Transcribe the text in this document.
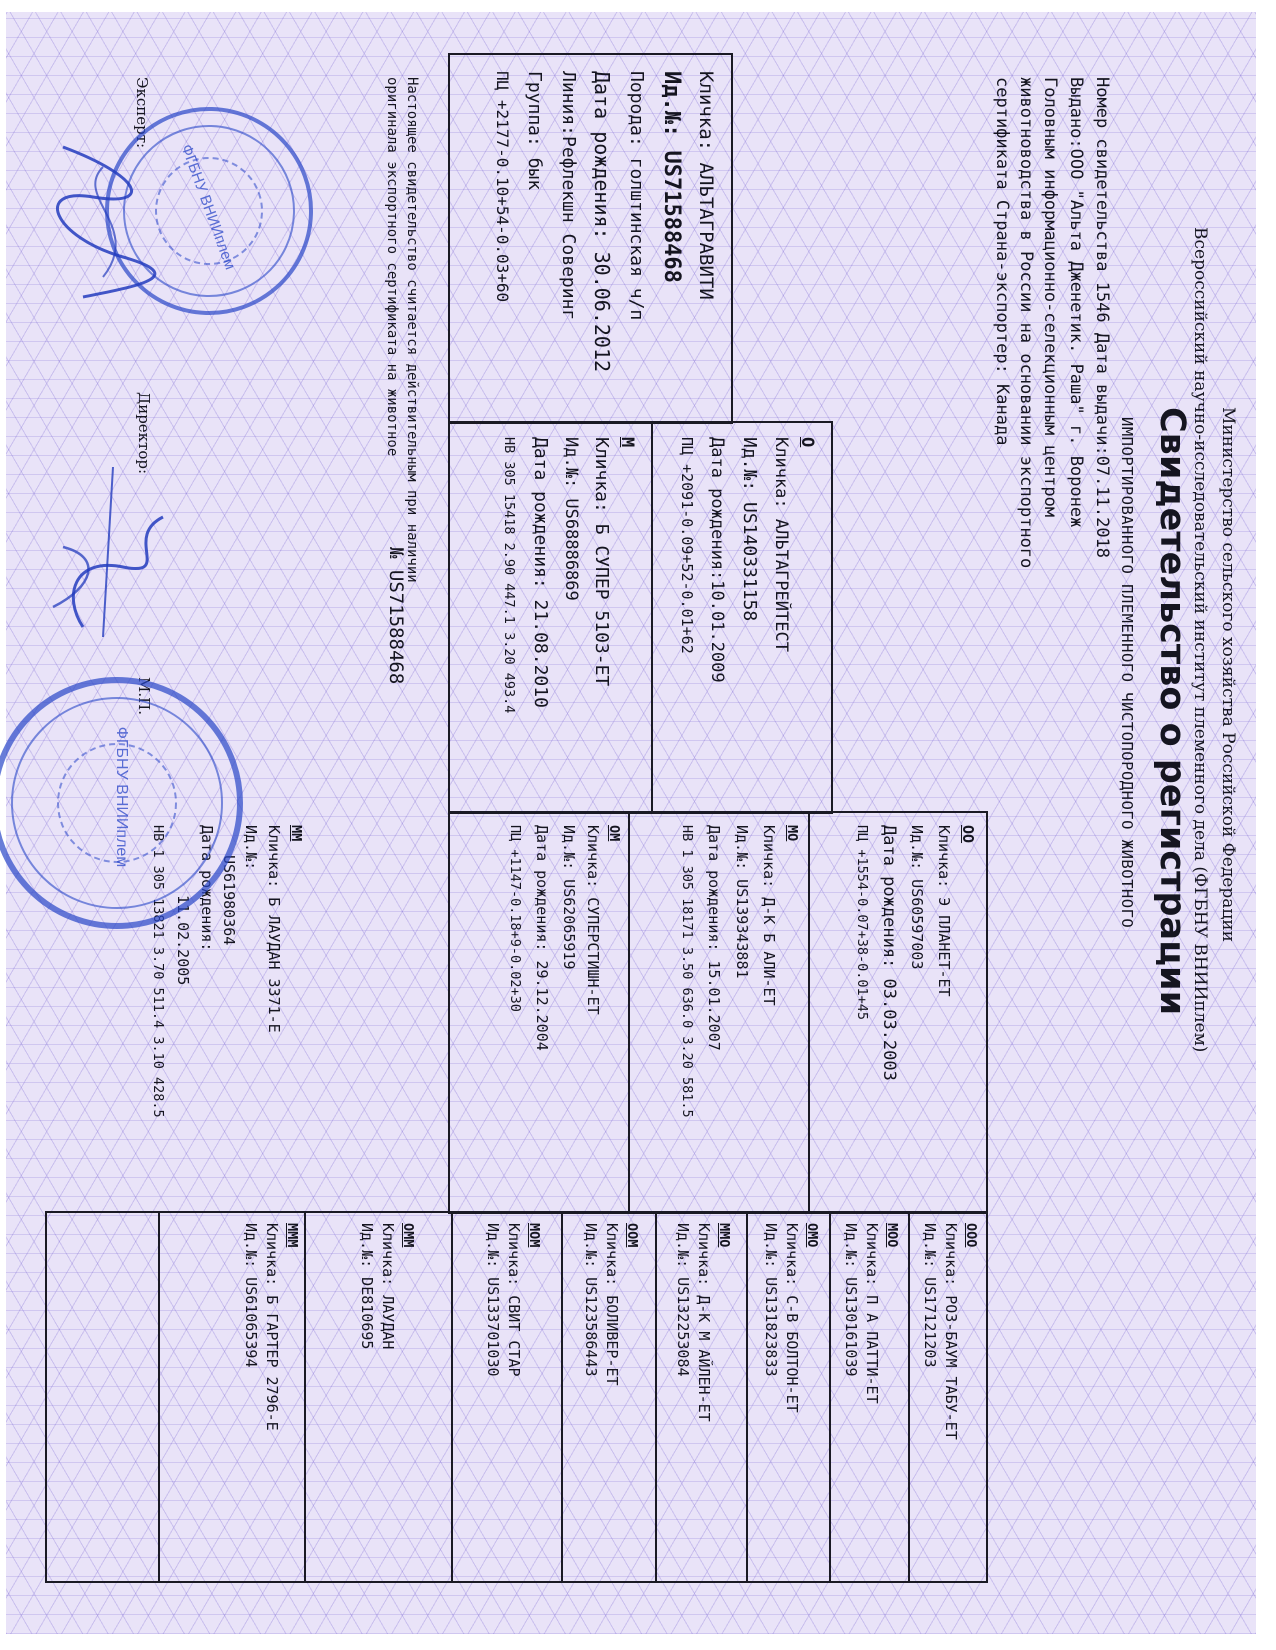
Министерство сельского хозяйства Российской Федерации
Всероссийский научно-исследовательский институт племенного дела (ФГБНУ ВНИИплем)
Свидетельство о регистрации
ИМПОРТИРОВАННОГО ПЛЕМЕННОГО ЧИСТОПОРОДНОГО ЖИВОТНОГО
Номер свидетельства 1546 Дата выдачи:07.11.2018
Выдано:ООО "Альта Дженетик. Раша" г. Воронеж
Головным информационно-селекционным центром
животноводства в России на основании экспортного
сертификата Страна-экспортер: Канада
Кличка: АЛЬТАГРАВИТИ
Ид.№: US71588468
Порода: голштинская ч/п
Дата рождения: 30.06.2012
Линия:Рефлекшн Соверинг
Группа: бык
ПЦ +2177-0.10+54-0.03+60
О
Кличка: АЛЬТАГРЕЙТЕСТ
Ид.№: US140331158
Дата рождения:10.01.2009
ПЦ +2091-0.09+52-0.01+62
М
Кличка: Б СУПЕР 5103-ЕТ
Ид.№: US68886869
Дата рождения: 21.08.2010
НВ 305 15418 2.90 447.1 3.20 493.4
ОО
Кличка: Э ПЛАНЕТ-ЕТ
Ид.№: US60597003
Дата рождения: 03.03.2003
ПЦ +1554-0.07+38-0.01+45
МО
Кличка: Д-К Б АЛИ-ЕТ
Ид.№: US139343881
Дата рождения: 15.01.2007
НВ 1 305 18171 3.50 636.0 3.20 581.5
ОМ
Кличка: СУПЕРСТИШН-ЕТ
Ид.№: US62065919
Дата рождения: 29.12.2004
ПЦ +1147-0.18+9-0.02+30
ММ
Кличка: Б ЛАУДАН 3371-Е
Ид.№:
US61980364
Дата рождения:
11.02.2005
НВ 1 305 13821 3.70 511.4 3.10 428.5
ООО
Кличка: РОЗ-БАУМ ТАБУ-ЕТ
Ид.№: US17121203
МОО
Кличка: П А ПАТТИ-ЕТ
Ид.№: US130161039
ОМО
Кличка: С-В БОЛТОН-ЕТ
Ид.№: US131823833
ММО
Кличка: Д-К М АЙЛЕН-ЕТ
Ид.№: US132253084
ООМ
Кличка: БОЛИВЕР-ЕТ
Ид.№: US123586443
МОМ
Кличка: СВИТ СТАР
Ид.№: US133701030
ОММ
Кличка: ЛАУДАН
Ид.№: DE810695
МММ
Кличка: Б ГАРТЕР 2796-Е
Ид.№: US61065394
Настоящее свидетельство считается действительным при наличии
оригинала экспортного сертификата на животное
№ US71588468
Эксперт:
Директор:
М.П.
ФГБНУ ВНИИплем
ФГБНУ ВНИИплем
